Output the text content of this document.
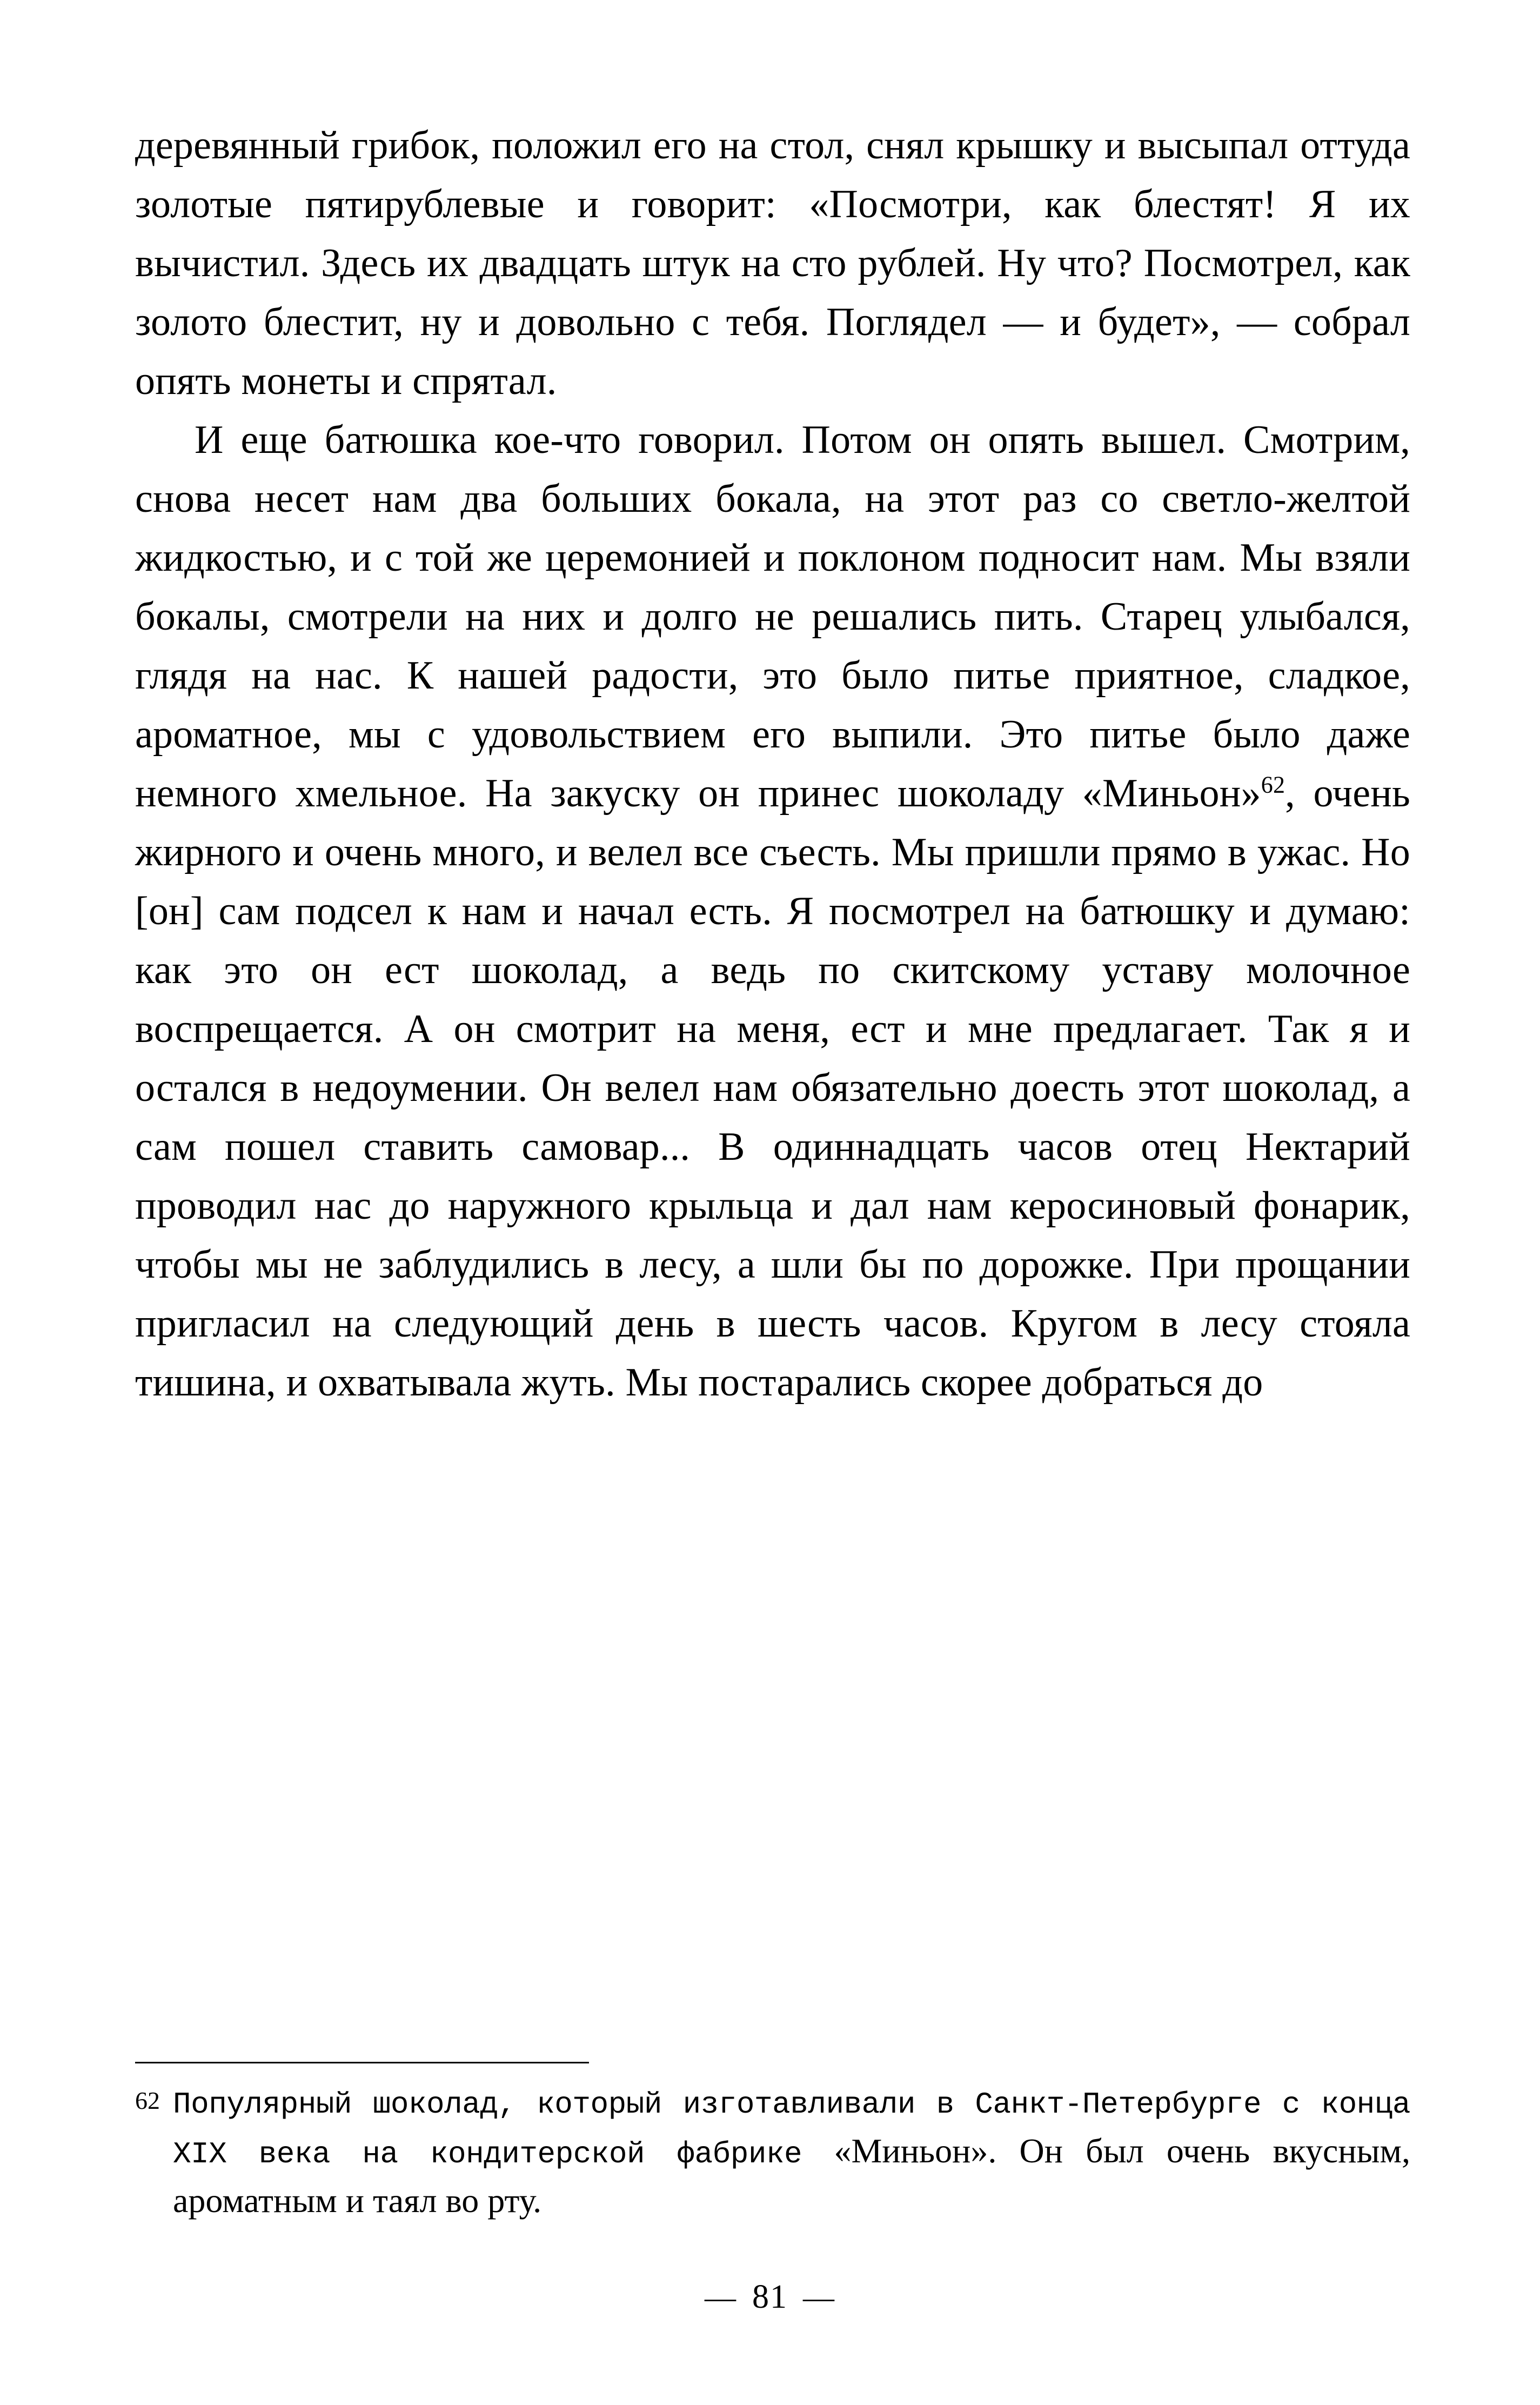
деревянный грибок, положил его на стол, снял крышку и высыпал оттуда золотые пятирублевые и говорит: «Посмотри, как блестят! Я их вычистил. Здесь их двадцать штук на сто рублей. Ну что? Посмотрел, как золото блестит, ну и довольно с тебя. Поглядел — и будет», — собрал опять монеты и спрятал.

И еще батюшка кое-что говорил. Потом он опять вышел. Смотрим, снова несет нам два больших бокала, на этот раз со светло-желтой жидкостью, и с той же церемонией и поклоном подносит нам. Мы взяли бокалы, смотрели на них и долго не решались пить. Старец улыбался, глядя на нас. К нашей радости, это было питье приятное, сладкое, ароматное, мы с удовольствием его выпили. Это питье было даже немного хмельное. На закуску он принес шоколаду «Миньон»$^{62}$, очень жирного и очень много, и велел все съесть. Мы пришли прямо в ужас. Но [он] сам подсел к нам и начал есть. Я посмотрел на батюшку и думаю: как это он ест шоколад, а ведь по скитскому уставу молочное воспрещается. А он смотрит на меня, ест и мне предлагает. Так я и остался в недоумении. Он велел нам обязательно доесть этот шоколад, а сам пошел ставить самовар... В одиннадцать часов отец Нектарий проводил нас до наружного крыльца и дал нам керосиновый фонарик, чтобы мы не заблудились в лесу, а шли бы по дорожке. При прощании пригласил на следующий день в шесть часов. Кругом в лесу стояла тишина, и охватывала жуть. Мы постарались скорее добраться до

62 Популярный шоколад, который изготавливали в Санкт-Петербурге с конца XIX века на кондитерской фабрике «Миньон». Он был очень вкусным, ароматным и таял во рту.
— 81 —
